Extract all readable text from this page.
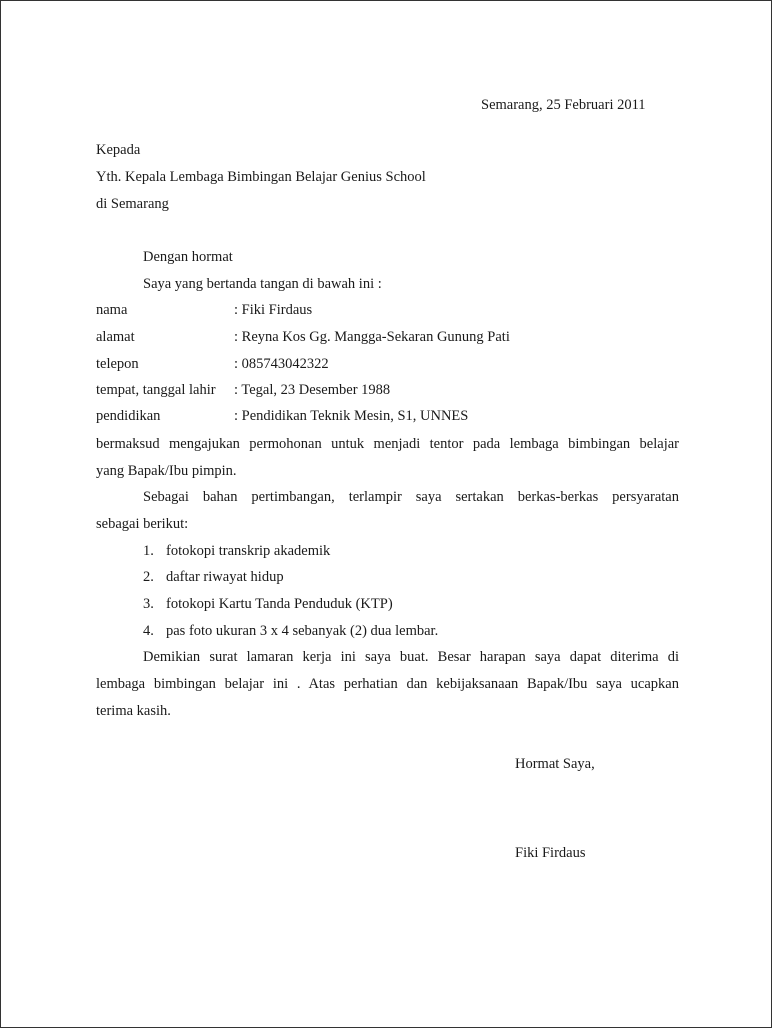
Semarang, 25 Februari 2011
Kepada
Yth. Kepala Lembaga Bimbingan Belajar Genius School
di Semarang
Dengan hormat
Saya yang bertanda tangan di bawah ini :
nama	: Fiki Firdaus
alamat	: Reyna Kos Gg. Mangga-Sekaran Gunung Pati
telepon	: 085743042322
tempat, tanggal lahir : Tegal, 23 Desember 1988
pendidikan	: Pendidikan Teknik Mesin, S1, UNNES
bermaksud mengajukan permohonan untuk menjadi tentor pada lembaga bimbingan belajar
yang Bapak/Ibu pimpin.
Sebagai bahan pertimbangan, terlampir saya sertakan berkas-berkas persyaratan
sebagai berikut:
1. fotokopi transkrip akademik
2. daftar riwayat hidup
3. fotokopi Kartu Tanda Penduduk (KTP)
4. pas foto ukuran 3 x 4 sebanyak (2) dua lembar.
Demikian surat lamaran kerja ini saya buat. Besar harapan saya dapat diterima di
lembaga bimbingan belajar ini . Atas perhatian dan kebijaksanaan Bapak/Ibu saya ucapkan
terima kasih.
Hormat Saya,
Fiki Firdaus
